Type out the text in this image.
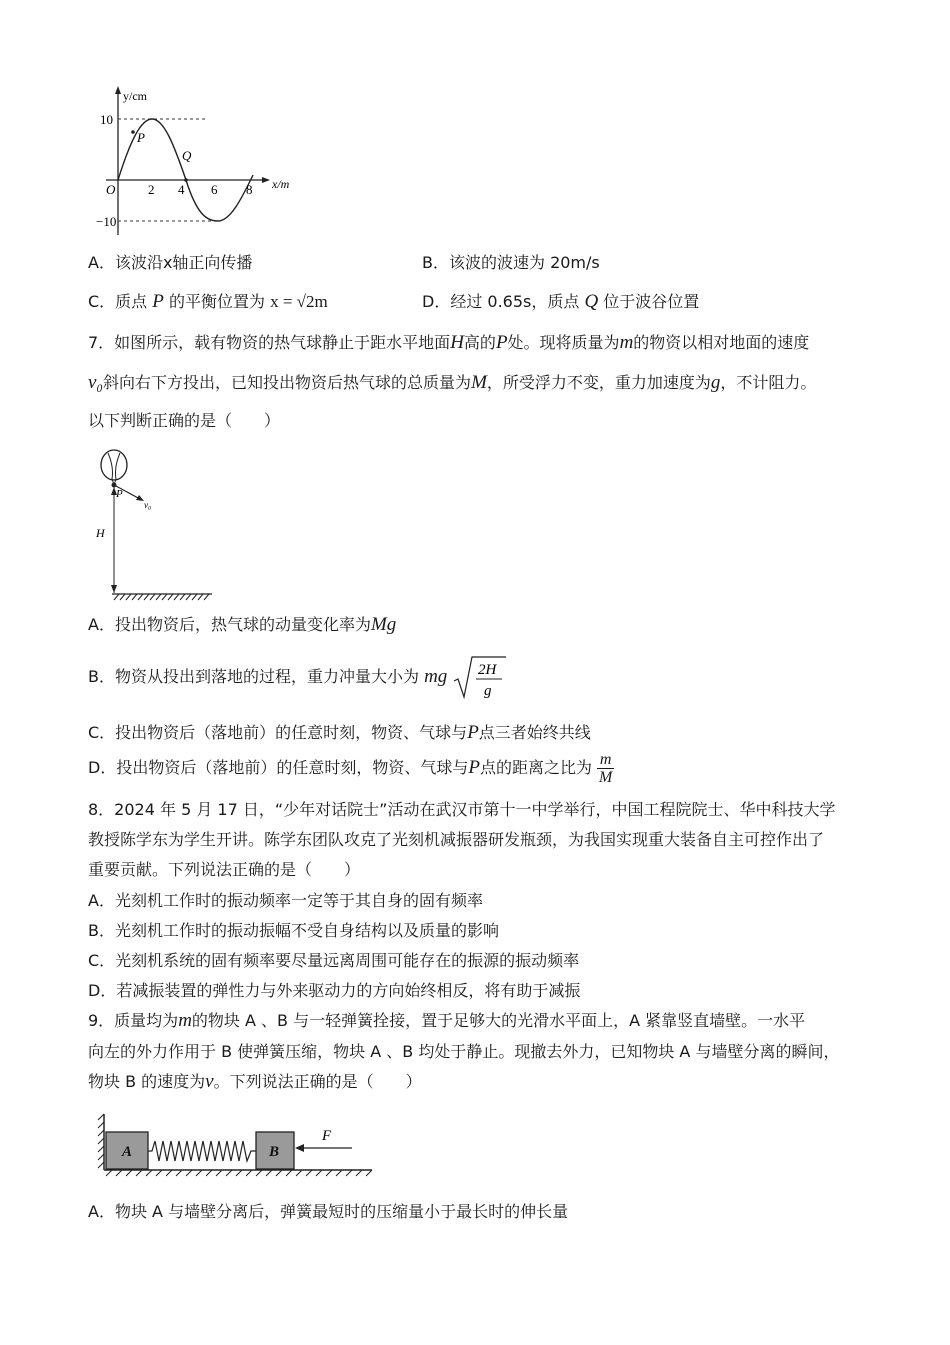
y/cm
10
−10
O	2 4 6 8 x/m
P
Q
A．该波沿x轴正向传播	B．该波的波速为 20m/s
C．质点 P 的平衡位置为 x = √2m	D．经过 0.65s，质点 Q 位于波谷位置
7．如图所示，载有物资的热气球静止于距水平地面H高的P处。现将质量为m的物资以相对地面的速度
v₀斜向右下方投出，已知投出物资后热气球的总质量为M，所受浮力不变，重力加速度为g，不计阻力。
以下判断正确的是（　　）
P
v₀
H
A．投出物资后，热气球的动量变化率为Mg
B．物资从投出到落地的过程，重力冲量大小为 mg 2H
g
C．投出物资后（落地前）的任意时刻，物资、气球与P点三者始终共线
D．投出物资后（落地前）的任意时刻，物资、气球与P点的距离之比为 $\frac{m}{M}$
8．2024 年 5 月 17 日，“少年对话院士”活动在武汉市第十一中学举行，中国工程院院士、华中科技大学
教授陈学东为学生开讲。陈学东团队攻克了光刻机减振器研发瓶颈，为我国实现重大装备自主可控作出了
重要贡献。下列说法正确的是（　　）
A．光刻机工作时的振动频率一定等于其自身的固有频率
B．光刻机工作时的振动振幅不受自身结构以及质量的影响
C．光刻机系统的固有频率要尽量远离周围可能存在的振源的振动频率
D．若减振装置的弹性力与外来驱动力的方向始终相反，将有助于减振
9．质量均为m的物块 A 、B 与一轻弹簧拴接，置于足够大的光滑水平面上，A 紧靠竖直墙壁。一水平
向左的外力作用于 B 使弹簧压缩，物块 A 、B 均处于静止。现撤去外力，已知物块 A 与墙壁分离的瞬间，
物块 B 的速度为v。下列说法正确的是（　　）
A	B
F
A．物块 A 与墙壁分离后，弹簧最短时的压缩量小于最长时的伸长量
